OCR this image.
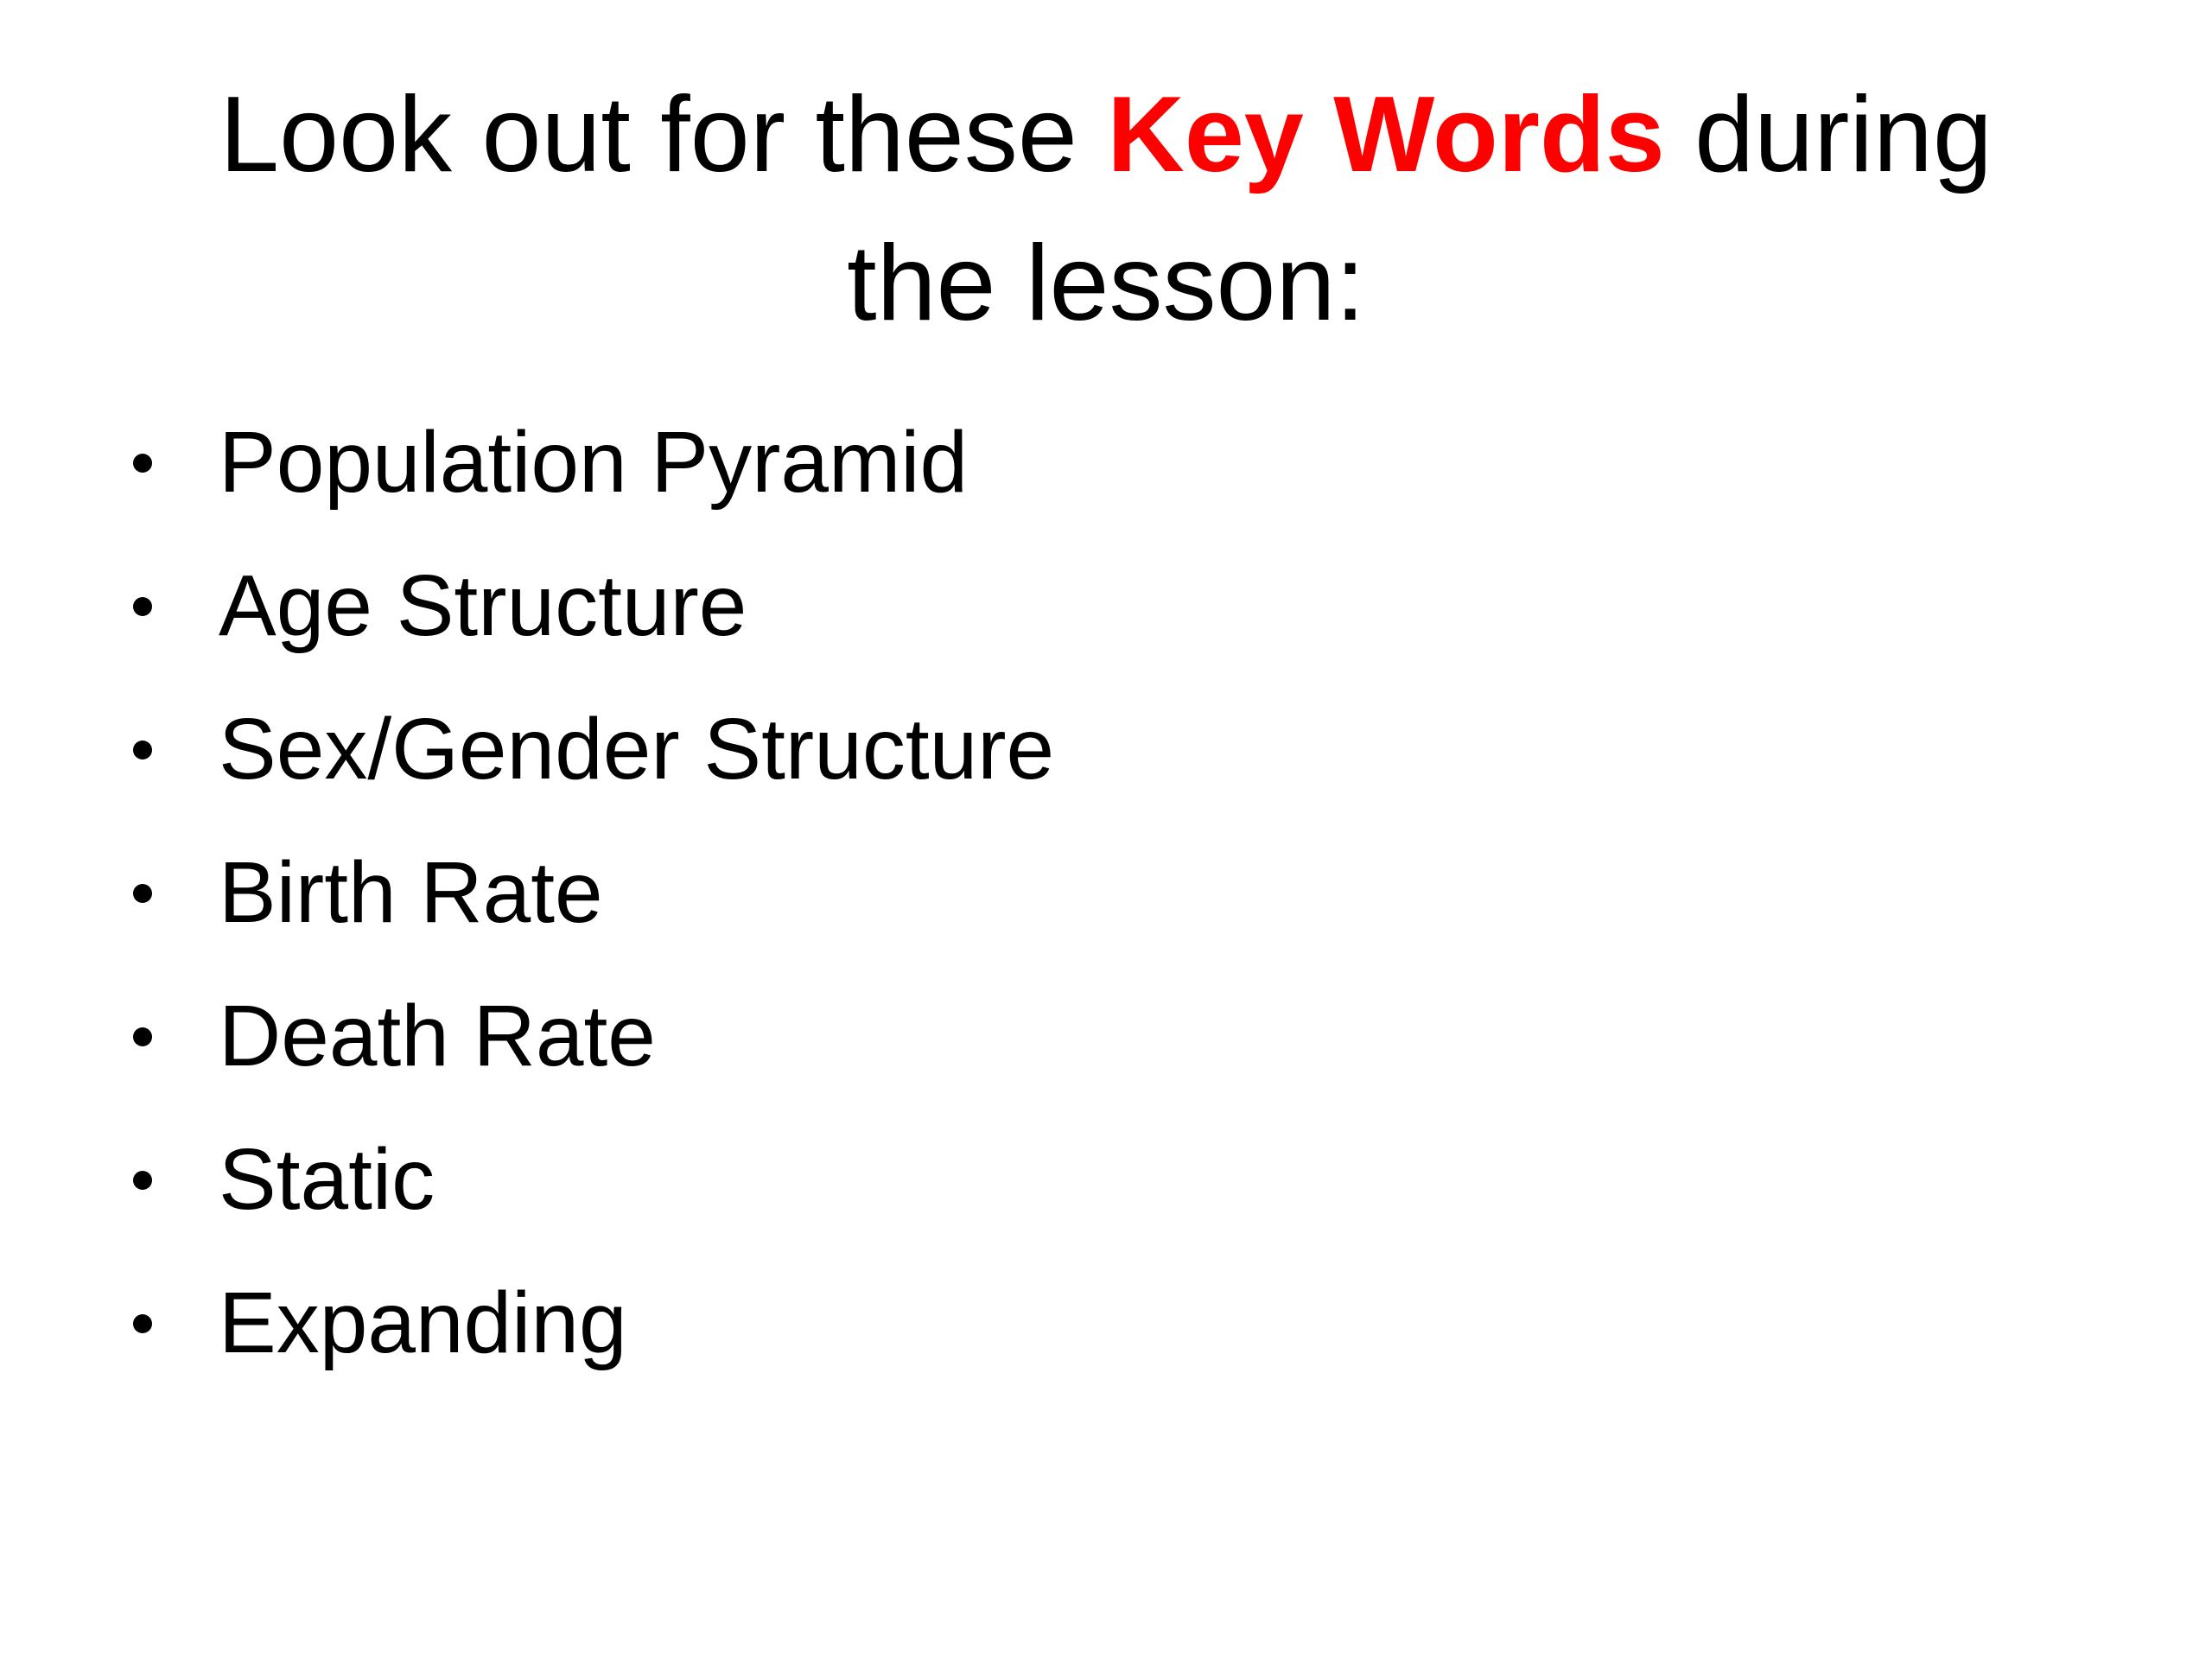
Look out for these Key Words during the lesson:
Population Pyramid
Age Structure
Sex/Gender Structure
Birth Rate
Death Rate
Static
Expanding
